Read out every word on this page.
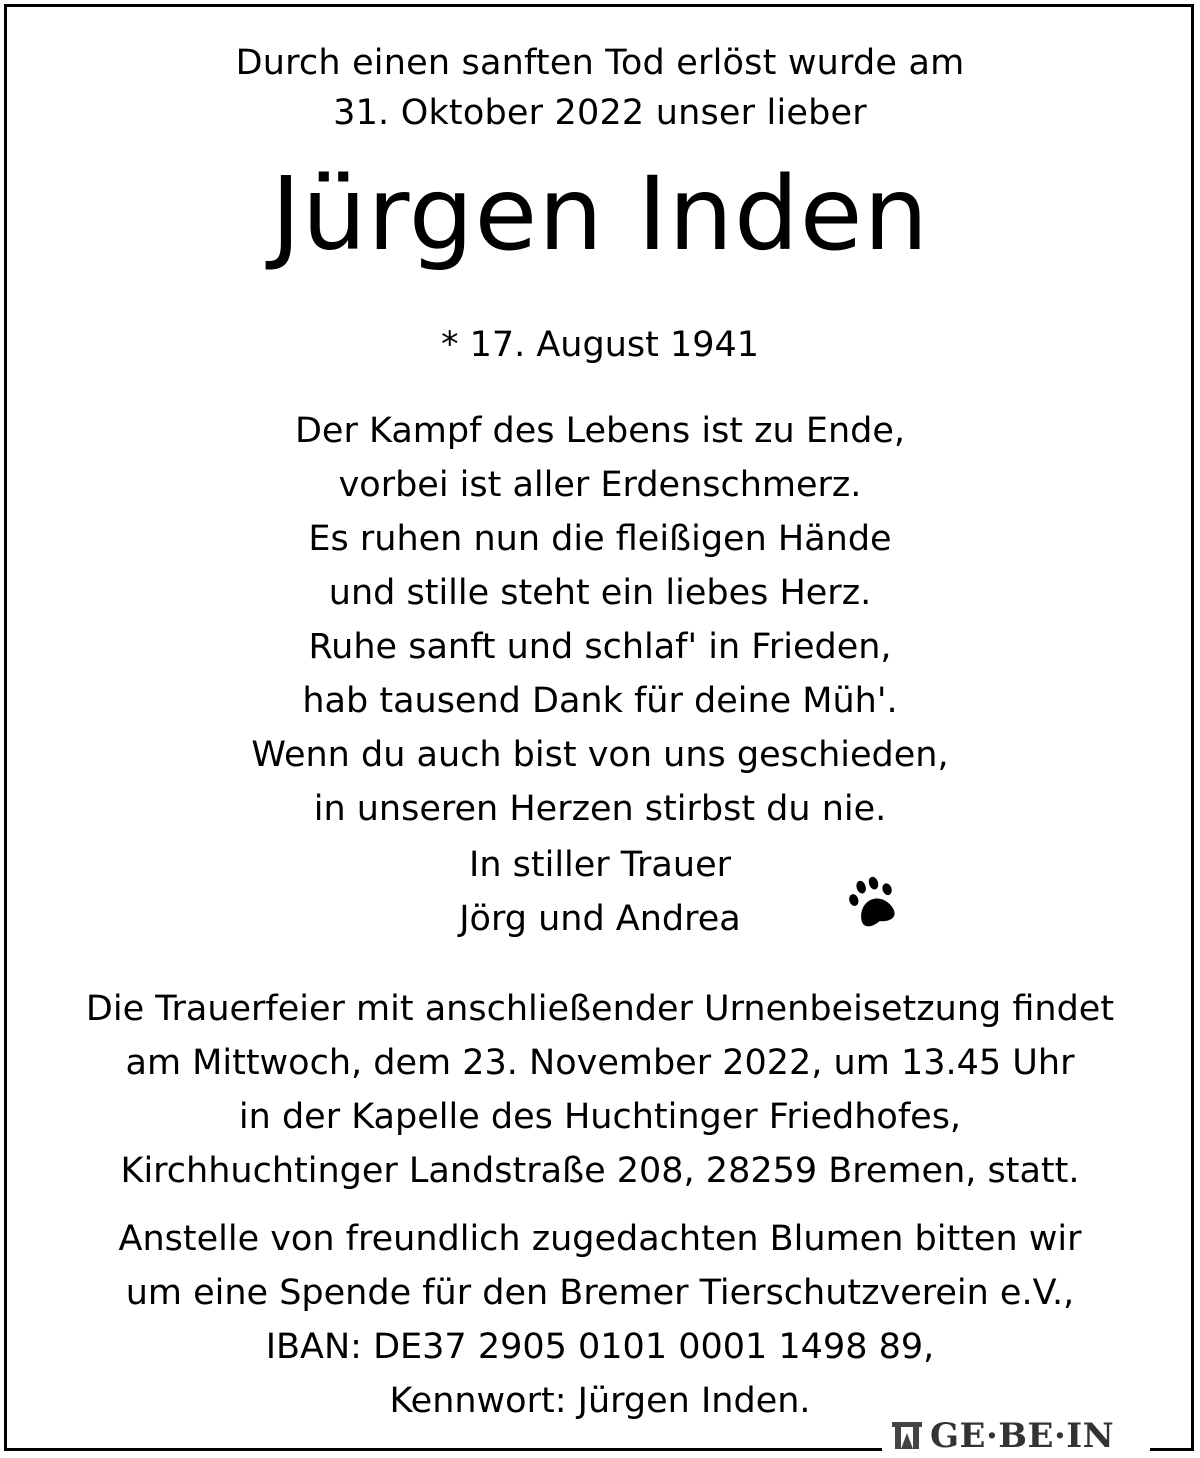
Durch einen sanften Tod erlöst wurde am
31. Oktober 2022 unser lieber
Jürgen Inden
* 17. August 1941
Der Kampf des Lebens ist zu Ende,
vorbei ist aller Erdenschmerz.
Es ruhen nun die fleißigen Hände
und stille steht ein liebes Herz.
Ruhe sanft und schlaf' in Frieden,
hab tausend Dank für deine Müh'.
Wenn du auch bist von uns geschieden,
in unseren Herzen stirbst du nie.
In stiller Trauer
Jörg und Andrea
Die Trauerfeier mit anschließender Urnenbeisetzung findet
am Mittwoch, dem 23. November 2022, um 13.45 Uhr
in der Kapelle des Huchtinger Friedhofes,
Kirchhuchtinger Landstraße 208, 28259 Bremen, statt.
Anstelle von freundlich zugedachten Blumen bitten wir
um eine Spende für den Bremer Tierschutzverein e.V.,
IBAN: DE37 2905 0101 0001 1498 89,
Kennwort: Jürgen Inden.
GE·BE·IN
